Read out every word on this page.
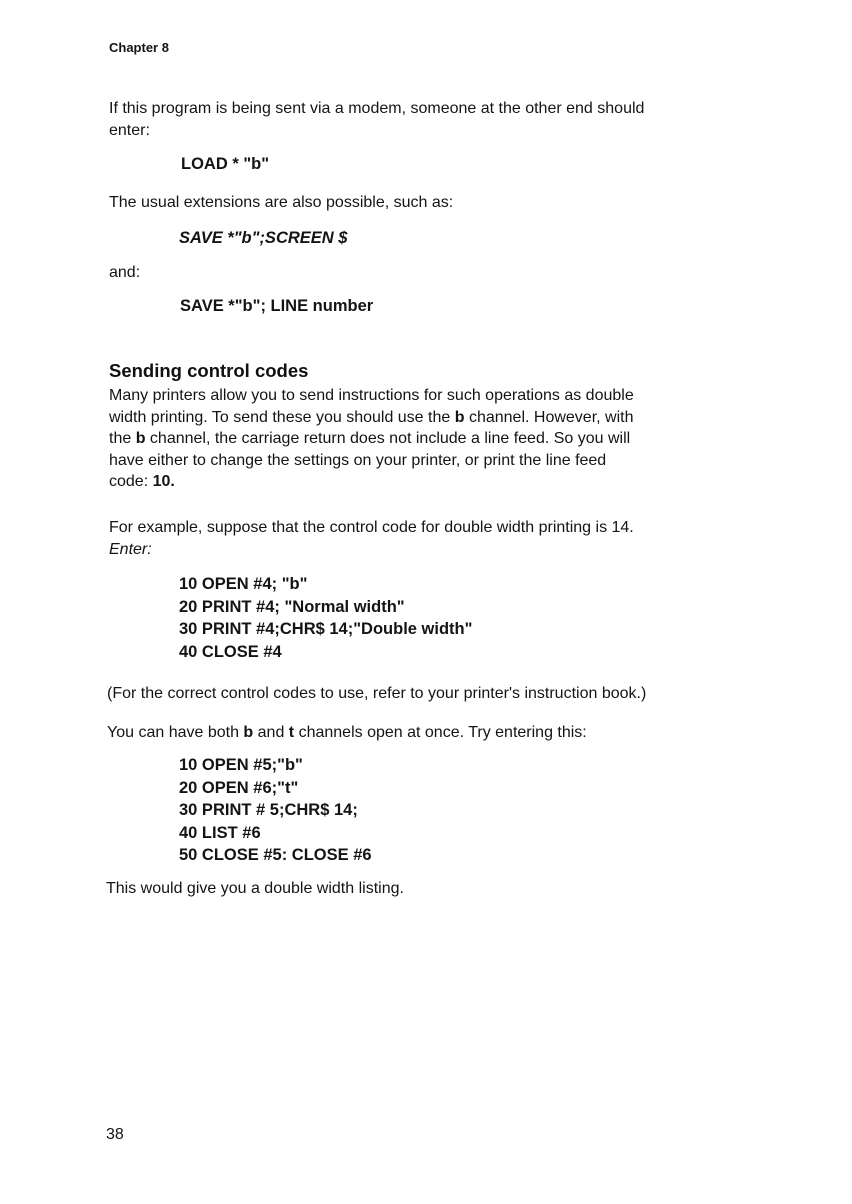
Chapter 8
If this program is being sent via a modem, someone at the other end should
enter:
LOAD * "b"
The usual extensions are also possible, such as:
SAVE *"b";SCREEN $
and:
SAVE *"b"; LINE number
Sending control codes
Many printers allow you to send instructions for such operations as double
width printing. To send these you should use the b channel. However, with
the b channel, the carriage return does not include a line feed. So you will
have either to change the settings on your printer, or print the line feed
code: 10.
For example, suppose that the control code for double width printing is 14.
Enter:
10 OPEN #4; "b"
20 PRINT #4; "Normal width"
30 PRINT #4;CHR$ 14;"Double width"
40 CLOSE #4
(For the correct control codes to use, refer to your printer's instruction book.)
You can have both b and t channels open at once. Try entering this:
10 OPEN #5;"b"
20 OPEN #6;"t"
30 PRINT # 5;CHR$ 14;
40 LIST #6
50 CLOSE #5: CLOSE #6
This would give you a double width listing.
38
